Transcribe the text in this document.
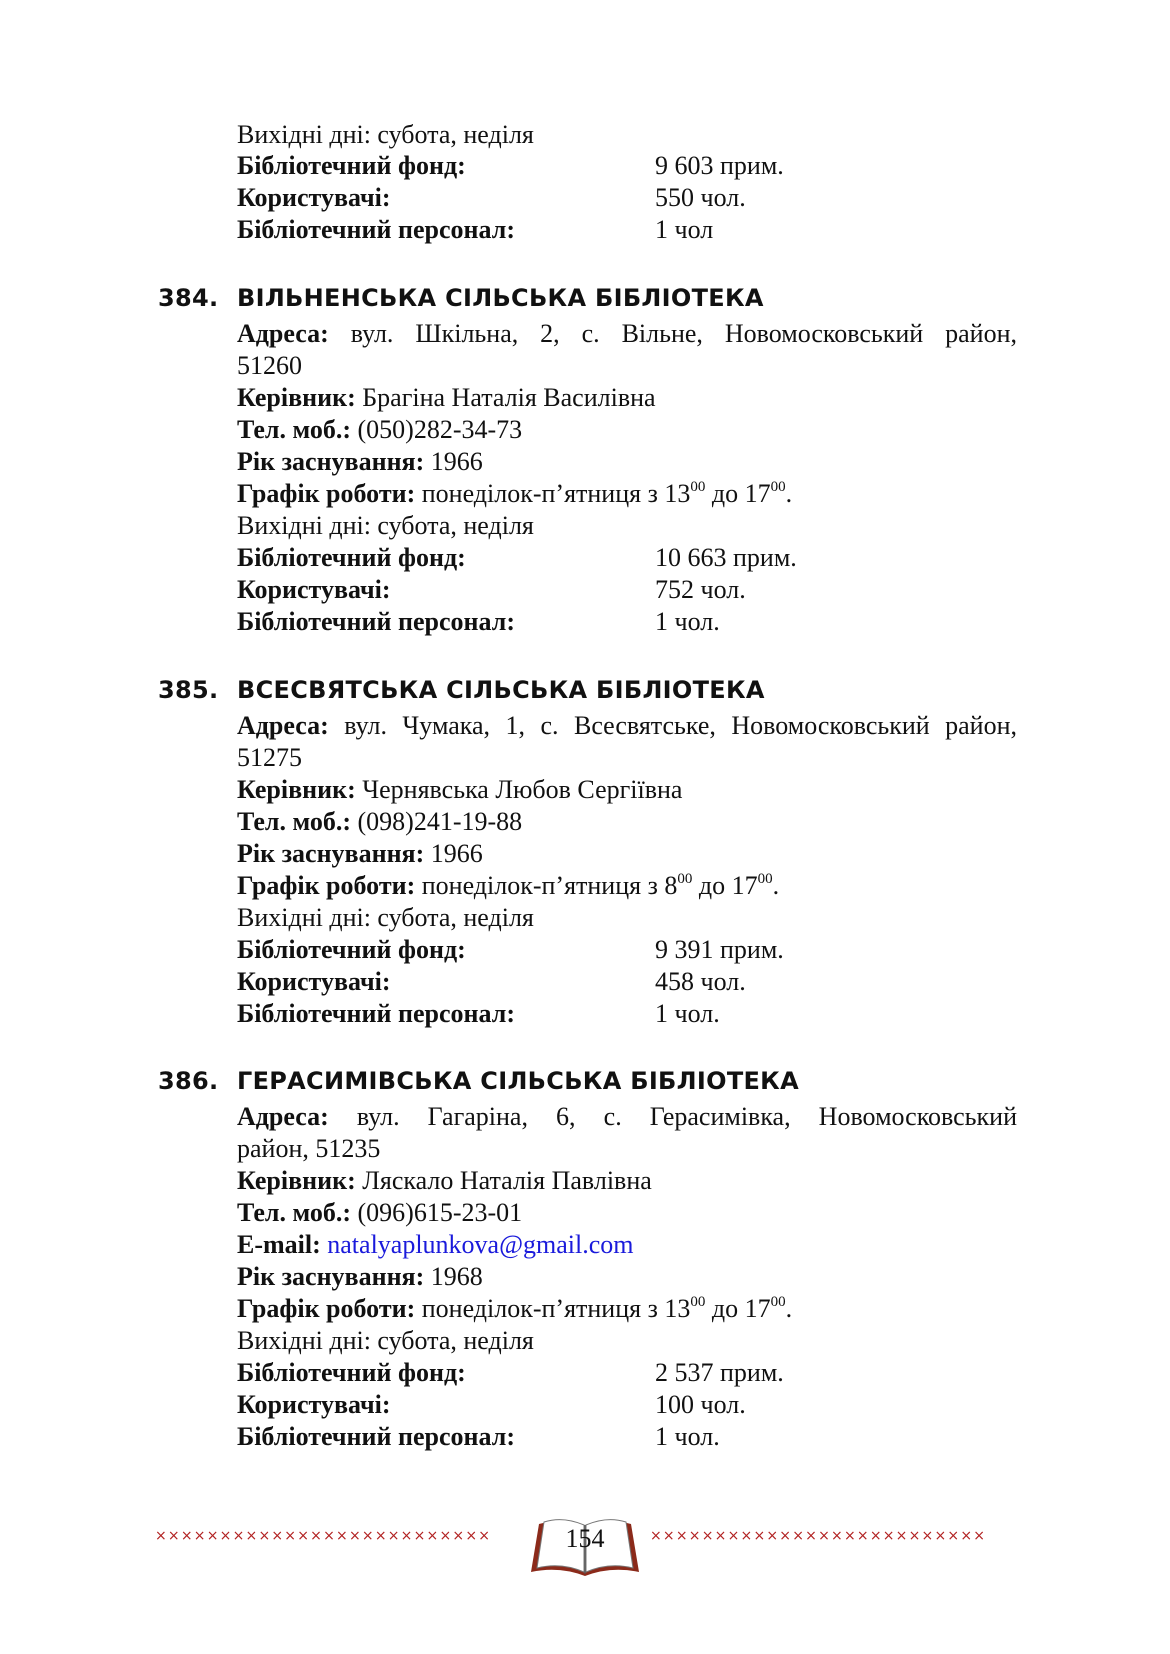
Вихідні дні: субота, неділя
Бібліотечний фонд:	9 603 прим.
Користувачі:	550 чол.
Бібліотечний персонал:	1 чол
384. ВІЛЬНЕНСЬКА СІЛЬСЬКА БІБЛІОТЕКА
Адреса: вул. Шкільна, 2, с. Вільне, Новомосковський район,
51260
Керівник: Брагіна Наталія Василівна
Тел. моб.: (050)282-34-73
Рік заснування: 1966
Графік роботи: понеділок-п’ятниця з $13^{00}$ до $17^{00}$.
Вихідні дні: субота, неділя
Бібліотечний фонд:	10 663 прим.
Користувачі:	752 чол.
Бібліотечний персонал:	1 чол.
385. ВСЕСВЯТСЬКА СІЛЬСЬКА БІБЛІОТЕКА
Адреса: вул. Чумака, 1, с. Всесвятське, Новомосковський район,
51275
Керівник: Чернявська Любов Сергіївна
Тел. моб.: (098)241-19-88
Рік заснування: 1966
Графік роботи: понеділок-п’ятниця з $8^{00}$ до $17^{00}$.
Вихідні дні: субота, неділя
Бібліотечний фонд:	9 391 прим.
Користувачі:	458 чол.
Бібліотечний персонал:	1 чол.
386. ГЕРАСИМІВСЬКА СІЛЬСЬКА БІБЛІОТЕКА
Адреса: вул. Гагаріна, 6, с. Герасимівка, Новомосковський
район, 51235
Керівник: Ляскало Наталія Павлівна
Тел. моб.: (096)615-23-01
E-mail: natalyaplunkova@gmail.com
Рік заснування: 1968
Графік роботи: понеділок-п’ятниця з $13^{00}$ до $17^{00}$.
Вихідні дні: субота, неділя
Бібліотечний фонд:	2 537 прим.
Користувачі:	100 чол.
Бібліотечний персонал:	1 чол.
××××××××××××××××××××××××××	××××××××××××××××××××××××××
154
